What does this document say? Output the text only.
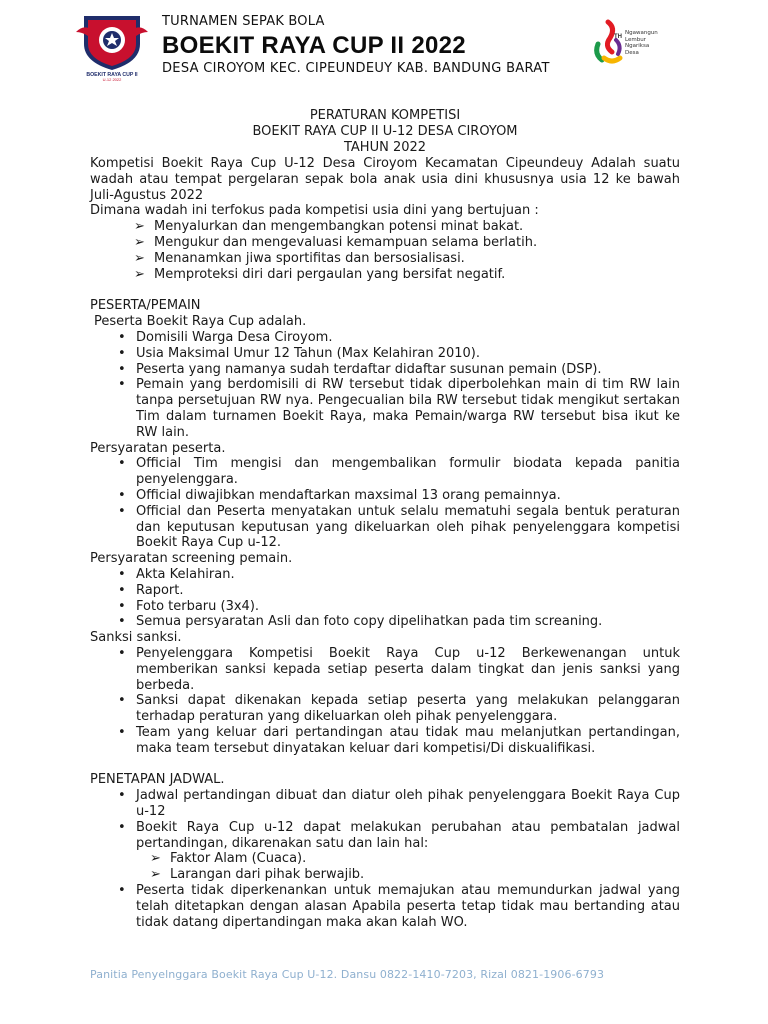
BOEKIT RAYA CUP II
U-12 2022
TURNAMEN SEPAK BOLA
BOEKIT RAYA CUP II 2022
DESA CIROYOM KEC. CIPEUNDEUY KAB. BANDUNG BARAT
TH
Ngawangun
Lembur
Ngariksa
Desa
PERATURAN KOMPETISI
BOEKIT RAYA CUP II U-12 DESA CIROYOM
TAHUN 2022

Kompetisi Boekit Raya Cup U-12 Desa Ciroyom Kecamatan Cipeundeuy Adalah suatu wadah atau tempat pergelaran sepak bola anak usia dini khususnya usia 12 ke bawah Juli-Agustus 2022

Dimana wadah ini terfokus pada kompetisi usia dini yang bertujuan :

➢ Menyalurkan dan mengembangkan potensi minat bakat.
➢ Mengukur dan mengevaluasi kemampuan selama berlatih.
➢ Menanamkan jiwa sportifitas dan bersosialisasi.
➢ Memproteksi diri dari pergaulan yang bersifat negatif.
PESERTA/PEMAIN
Peserta Boekit Raya Cup adalah.
• Domisili Warga Desa Ciroyom.
• Usia Maksimal Umur 12 Tahun (Max Kelahiran 2010).
• Peserta yang namanya sudah terdaftar didaftar susunan pemain (DSP).
• Pemain yang berdomisili di RW tersebut tidak diperbolehkan main di tim RW lain tanpa persetujuan RW nya. Pengecualian bila RW tersebut tidak mengikut sertakan Tim dalam turnamen Boekit Raya, maka Pemain/warga RW tersebut bisa ikut ke RW lain.
Persyaratan peserta.
• Official Tim mengisi dan mengembalikan formulir biodata kepada panitia penyelenggara.
• Official diwajibkan mendaftarkan maxsimal 13 orang pemainnya.
• Official dan Peserta menyatakan untuk selalu mematuhi segala bentuk peraturan dan keputusan keputusan yang dikeluarkan oleh pihak penyelenggara kompetisi Boekit Raya Cup u-12.
Persyaratan screening pemain.
• Akta Kelahiran.
• Raport.
• Foto terbaru (3x4).
• Semua persyaratan Asli dan foto copy dipelihatkan pada tim screaning.
Sanksi sanksi.
• Penyelenggara Kompetisi Boekit Raya Cup u-12 Berkewenangan untuk memberikan sanksi kepada setiap peserta dalam tingkat dan jenis sanksi yang berbeda.
• Sanksi dapat dikenakan kepada setiap peserta yang melakukan pelanggaran terhadap peraturan yang dikeluarkan oleh pihak penyelenggara.
• Team yang keluar dari pertandingan atau tidak mau melanjutkan pertandingan, maka team tersebut dinyatakan keluar dari kompetisi/Di diskualifikasi.
PENETAPAN JADWAL.
• Jadwal pertandingan dibuat dan diatur oleh pihak penyelenggara Boekit Raya Cup u-12
• Boekit Raya Cup u-12 dapat melakukan perubahan atau pembatalan jadwal pertandingan, dikarenakan satu dan lain hal:
➢ Faktor Alam (Cuaca).
➢ Larangan dari pihak berwajib.
• Peserta tidak diperkenankan untuk memajukan atau memundurkan jadwal yang telah ditetapkan dengan alasan Apabila peserta tetap tidak mau bertanding atau tidak datang dipertandingan maka akan kalah WO.
Panitia Penyelnggara Boekit Raya Cup U-12. Dansu 0822-1410-7203, Rizal 0821-1906-6793
